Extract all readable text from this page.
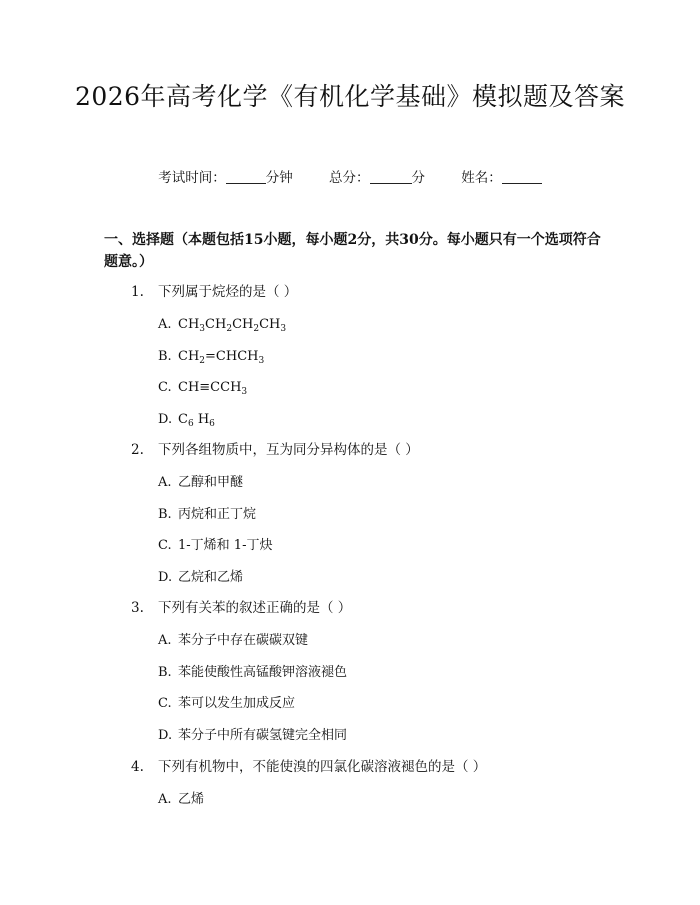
2026年高考化学《有机化学基础》模拟题及答案
考试时间：	分钟	总分：	分	姓名：
一、选择题（本题包括15小题，每小题2分，共30分。每小题只有一个选项符合题意。）
1. 下列属于烷烃的是（ ）
A. $CH_3CH_2CH_2CH_3$
B. $CH_2=CHCH_3$
C. $CH\equiv CCH_3$
D. $C_6$ $H_6$
2. 下列各组物质中，互为同分异构体的是（ ）
A. 乙醇和甲醚
B. 丙烷和正丁烷
C. 1-丁烯和 1-丁炔
D. 乙烷和乙烯
3. 下列有关苯的叙述正确的是（ ）
A. 苯分子中存在碳碳双键
B. 苯能使酸性高锰酸钾溶液褪色
C. 苯可以发生加成反应
D. 苯分子中所有碳氢键完全相同
4. 下列有机物中，不能使溴的四氯化碳溶液褪色的是（ ）
A. 乙烯
